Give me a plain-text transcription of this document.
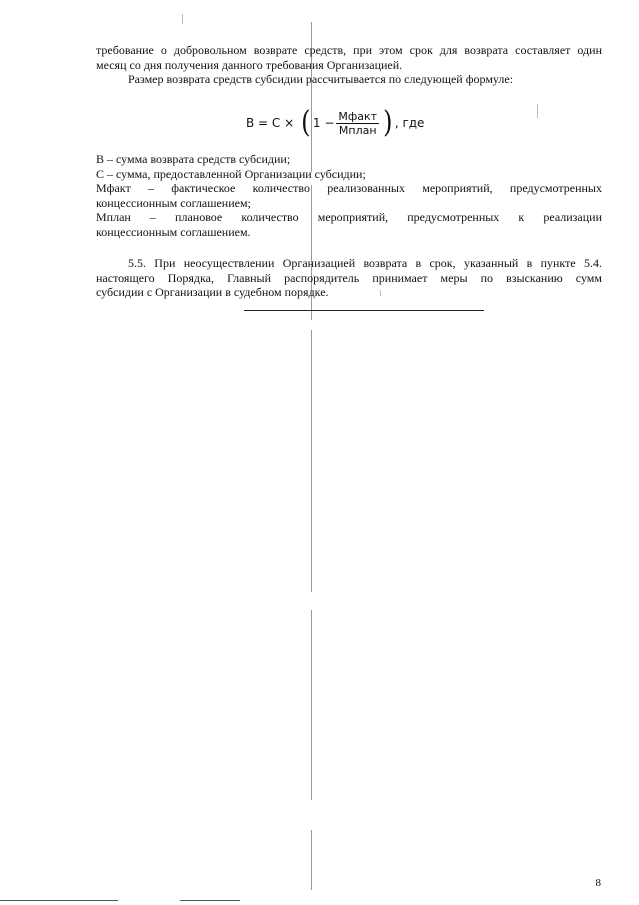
требование о добровольном возврате средств, при этом срок для возврата составляет один
месяц со дня получения данного требования Организацией.
Размер возврата средств субсидии рассчитывается по следующей формуле:
В = С × ( $1 - \frac{\text{Мфакт}}{\text{Мплан}}$ ) , где
В – сумма возврата средств субсидии;
С – сумма, предоставленной Организации субсидии;
Мфакт – фактическое количество реализованных мероприятий, предусмотренных
концессионным соглашением;
Мплан – плановое количество мероприятий, предусмотренных к реализации
концессионным соглашением.
5.5. При неосуществлении Организацией возврата в срок, указанный в пункте 5.4.
настоящего Порядка, Главный распорядитель принимает меры по взысканию сумм
субсидии с Организации в судебном порядке.
8
